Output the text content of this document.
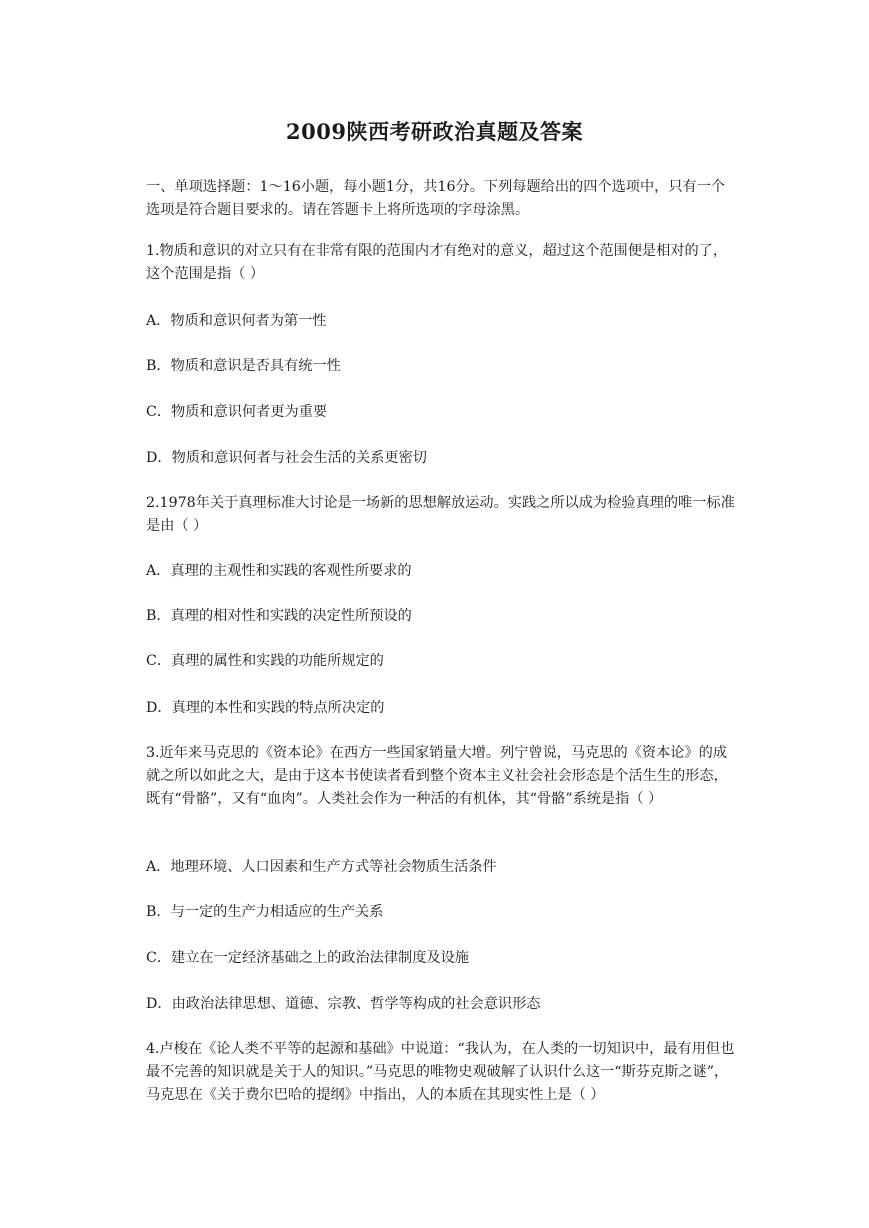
2009陕西考研政治真题及答案

一、单项选择题：1～16小题，每小题1分，共16分。下列每题给出的四个选项中，只有一个选项是符合题目要求的。请在答题卡上将所选项的字母涂黑。

1.物质和意识的对立只有在非常有限的范围内才有绝对的意义，超过这个范围便是相对的了，这个范围是指（ ）

A．物质和意识何者为第一性

B．物质和意识是否具有统一性

C．物质和意识何者更为重要

D．物质和意识何者与社会生活的关系更密切

2.1978年关于真理标准大讨论是一场新的思想解放运动。实践之所以成为检验真理的唯一标准是由（ ）

A．真理的主观性和实践的客观性所要求的

B．真理的相对性和实践的决定性所预设的

C．真理的属性和实践的功能所规定的

D．真理的本性和实践的特点所决定的

3.近年来马克思的《资本论》在西方一些国家销量大增。列宁曾说，马克思的《资本论》的成就之所以如此之大，是由于这本书使读者看到整个资本主义社会社会形态是个活生生的形态，既有“骨骼”，又有“血肉”。人类社会作为一种活的有机体，其“骨骼”系统是指（ ）

A．地理环境、人口因素和生产方式等社会物质生活条件

B．与一定的生产力相适应的生产关系

C．建立在一定经济基础之上的政治法律制度及设施

D．由政治法律思想、道德、宗教、哲学等构成的社会意识形态

4.卢梭在《论人类不平等的起源和基础》中说道：“我认为，在人类的一切知识中，最有用但也最不完善的知识就是关于人的知识。”马克思的唯物史观破解了认识什么这一“斯芬克斯之谜”，马克思在《关于费尔巴哈的提纲》中指出，人的本质在其现实性上是（ ）
